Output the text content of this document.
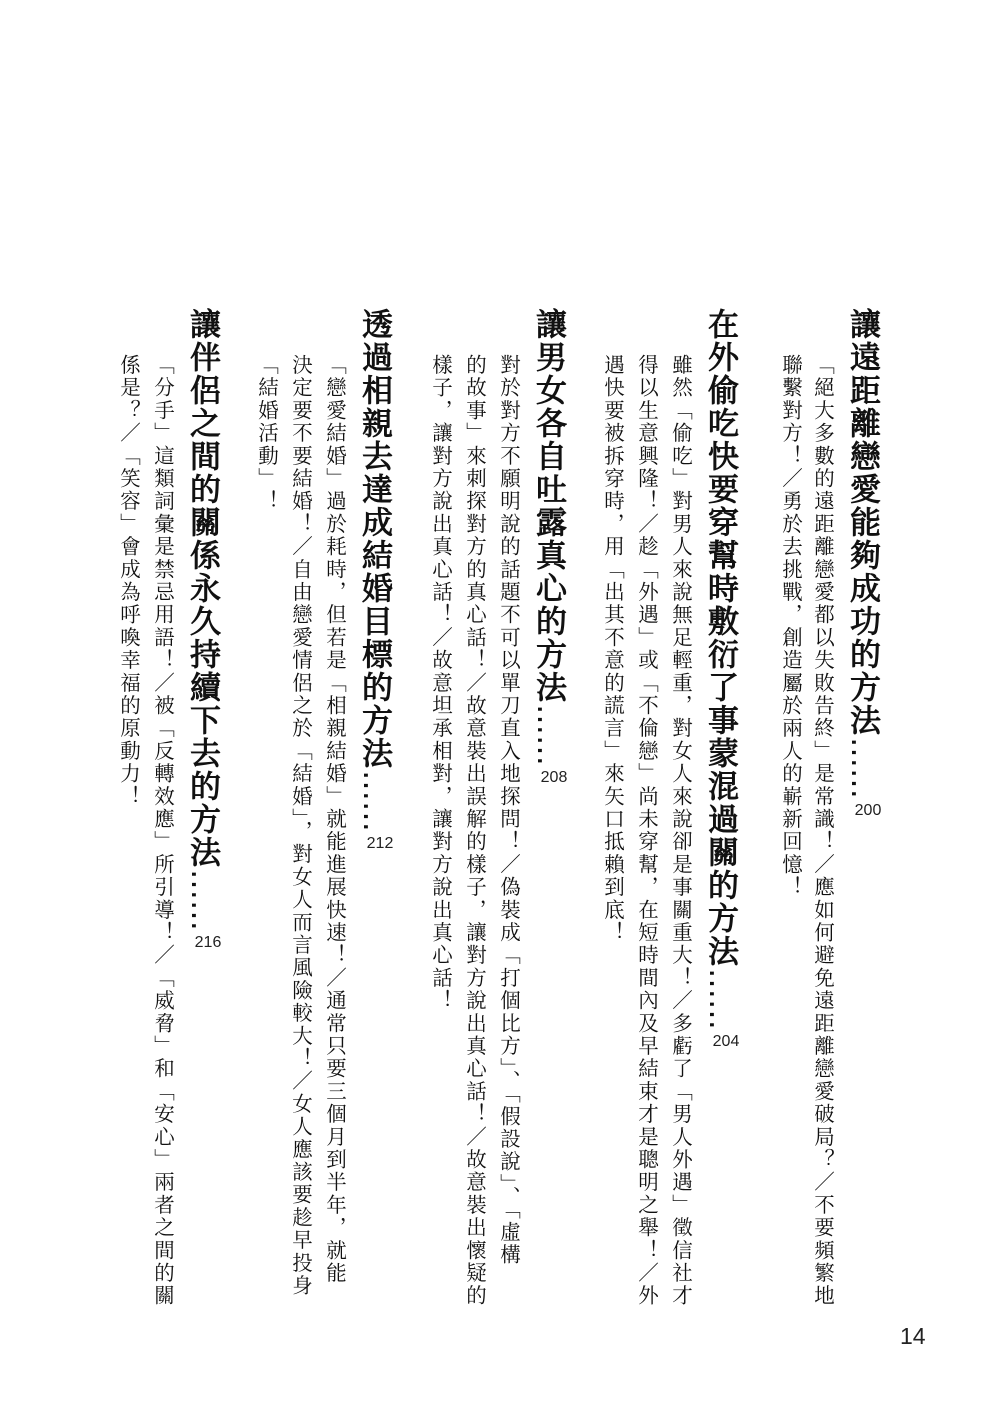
讓遠距離戀愛能夠成功的方法……200
「絕大多數的遠距離戀愛都以失敗告終」是常識！／應如何避免遠距離戀愛破局？／不要頻繁地
聯繫對方！／勇於去挑戰，創造屬於兩人的嶄新回憶！
在外偷吃快要穿幫時敷衍了事蒙混過關的方法……204
雖然「偷吃」對男人來說無足輕重，對女人來說卻是事關重大！／多虧了「男人外遇」徵信社才
得以生意興隆！／趁「外遇」或「不倫戀」尚未穿幫，在短時間內及早結束才是聰明之舉！／外
遇快要被拆穿時，用「出其不意的謊言」來矢口抵賴到底！
讓男女各自吐露真心的方法……208
對於對方不願明說的話題不可以單刀直入地探問！／偽裝成「打個比方」、「假設說」、「虛構
的故事」來刺探對方的真心話！／故意裝出誤解的樣子，讓對方說出真心話！／故意裝出懷疑的
樣子，讓對方說出真心話！／故意坦承相對，讓對方說出真心話！
透過相親去達成結婚目標的方法……212
「戀愛結婚」過於耗時，但若是「相親結婚」就能進展快速！／通常只要三個月到半年，就能
決定要不要結婚！／自由戀愛情侶之於「結婚」，對女人而言風險較大！／女人應該要趁早投身
「結婚活動」！
讓伴侶之間的關係永久持續下去的方法……216
「分手」這類詞彙是禁忌用語！／被「反轉效應」所引導！／「威脅」和「安心」兩者之間的關
係是？／「笑容」會成為呼喚幸福的原動力！
14
